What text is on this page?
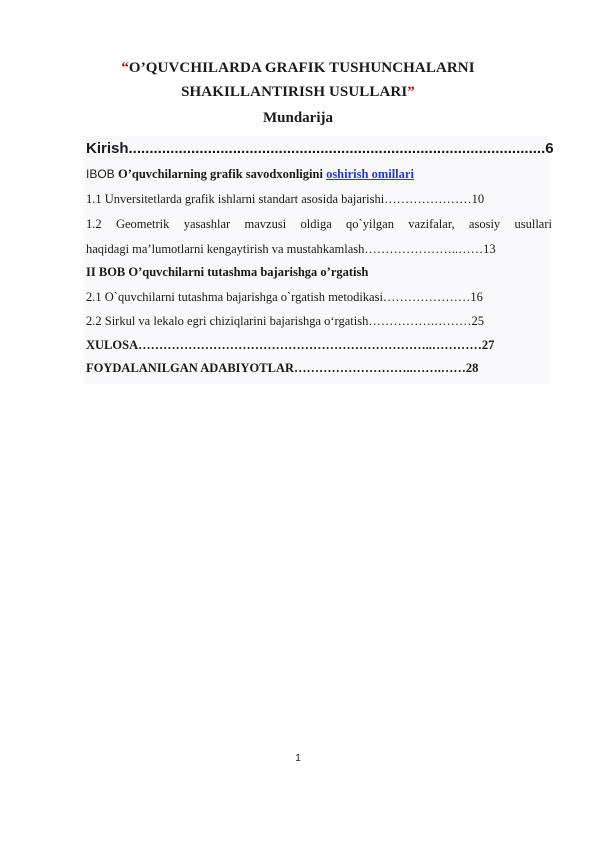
“O’QUVCHILARDA GRAFIK TUSHUNCHALARNI
SHAKILLANTIRISH USULLARI”
Mundarija
Kirish....................................................................................................6
IBOB O’quvchilarning grafik savodxonligini oshirish omillari
1.1 Unversitetlarda grafik ishlarni standart asosida bajarishi…………………10
1.2 Geometrik yasashlar mavzusi oldiga qo`yilgan vazifalar, asosiy usullari
haqidagi ma’lumotlarni kengaytirish va mustahkamlash…………………..……13
II BOB O’quvchilarni tutashma bajarishga o’rgatish
2.1 O`quvchilarni tutashma bajarishga o`rgatish metodikasi…………………16
2.2 Sirkul va lekalo egri chiziqlarini bajarishga o‘rgatish…………….………25
XULOSA……………………………………………………………..…………27
FOYDALANILGAN ADABIYOTLAR………………………..…….……28
1
